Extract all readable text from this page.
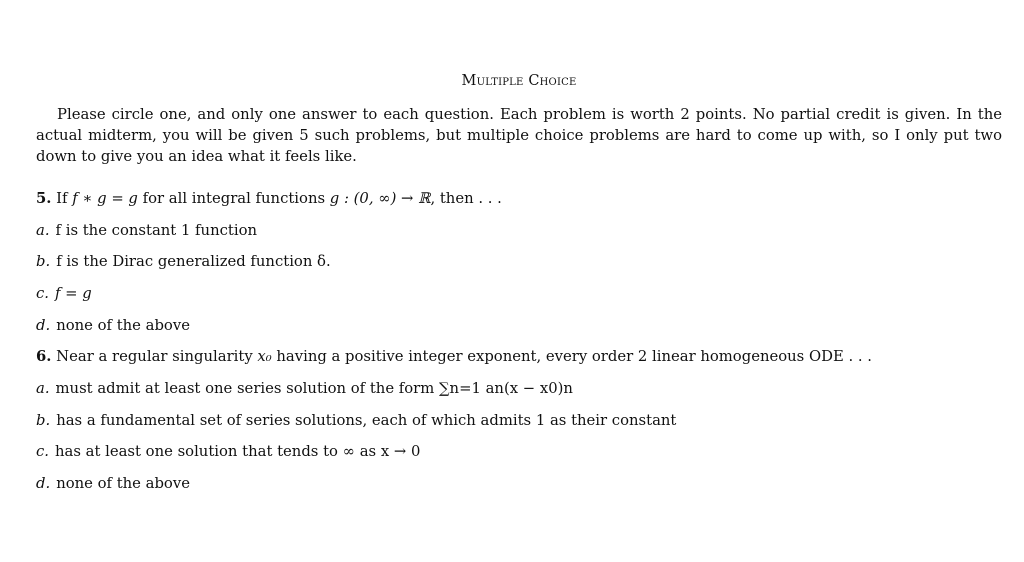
Multiple Choice
Please circle one, and only one answer to each question. Each problem is worth 2 points. No partial credit is given. In the actual midterm, you will be given 5 such problems, but multiple choice problems are hard to come up with, so I only put two down to give you an idea what it feels like.
5. If f ∗ g = g for all integral functions g : (0, ∞) → ℝ, then . . .
a. f is the constant 1 function
b. f is the Dirac generalized function δ.
c. f = g
d. none of the above
6. Near a regular singularity x₀ having a positive integer exponent, every order 2 linear homogeneous ODE . . .
a. must admit at least one series solution of the form ∑n=1 an(x − x0)n
b. has a fundamental set of series solutions, each of which admits 1 as their constant
c. has at least one solution that tends to ∞ as x → 0
d. none of the above
